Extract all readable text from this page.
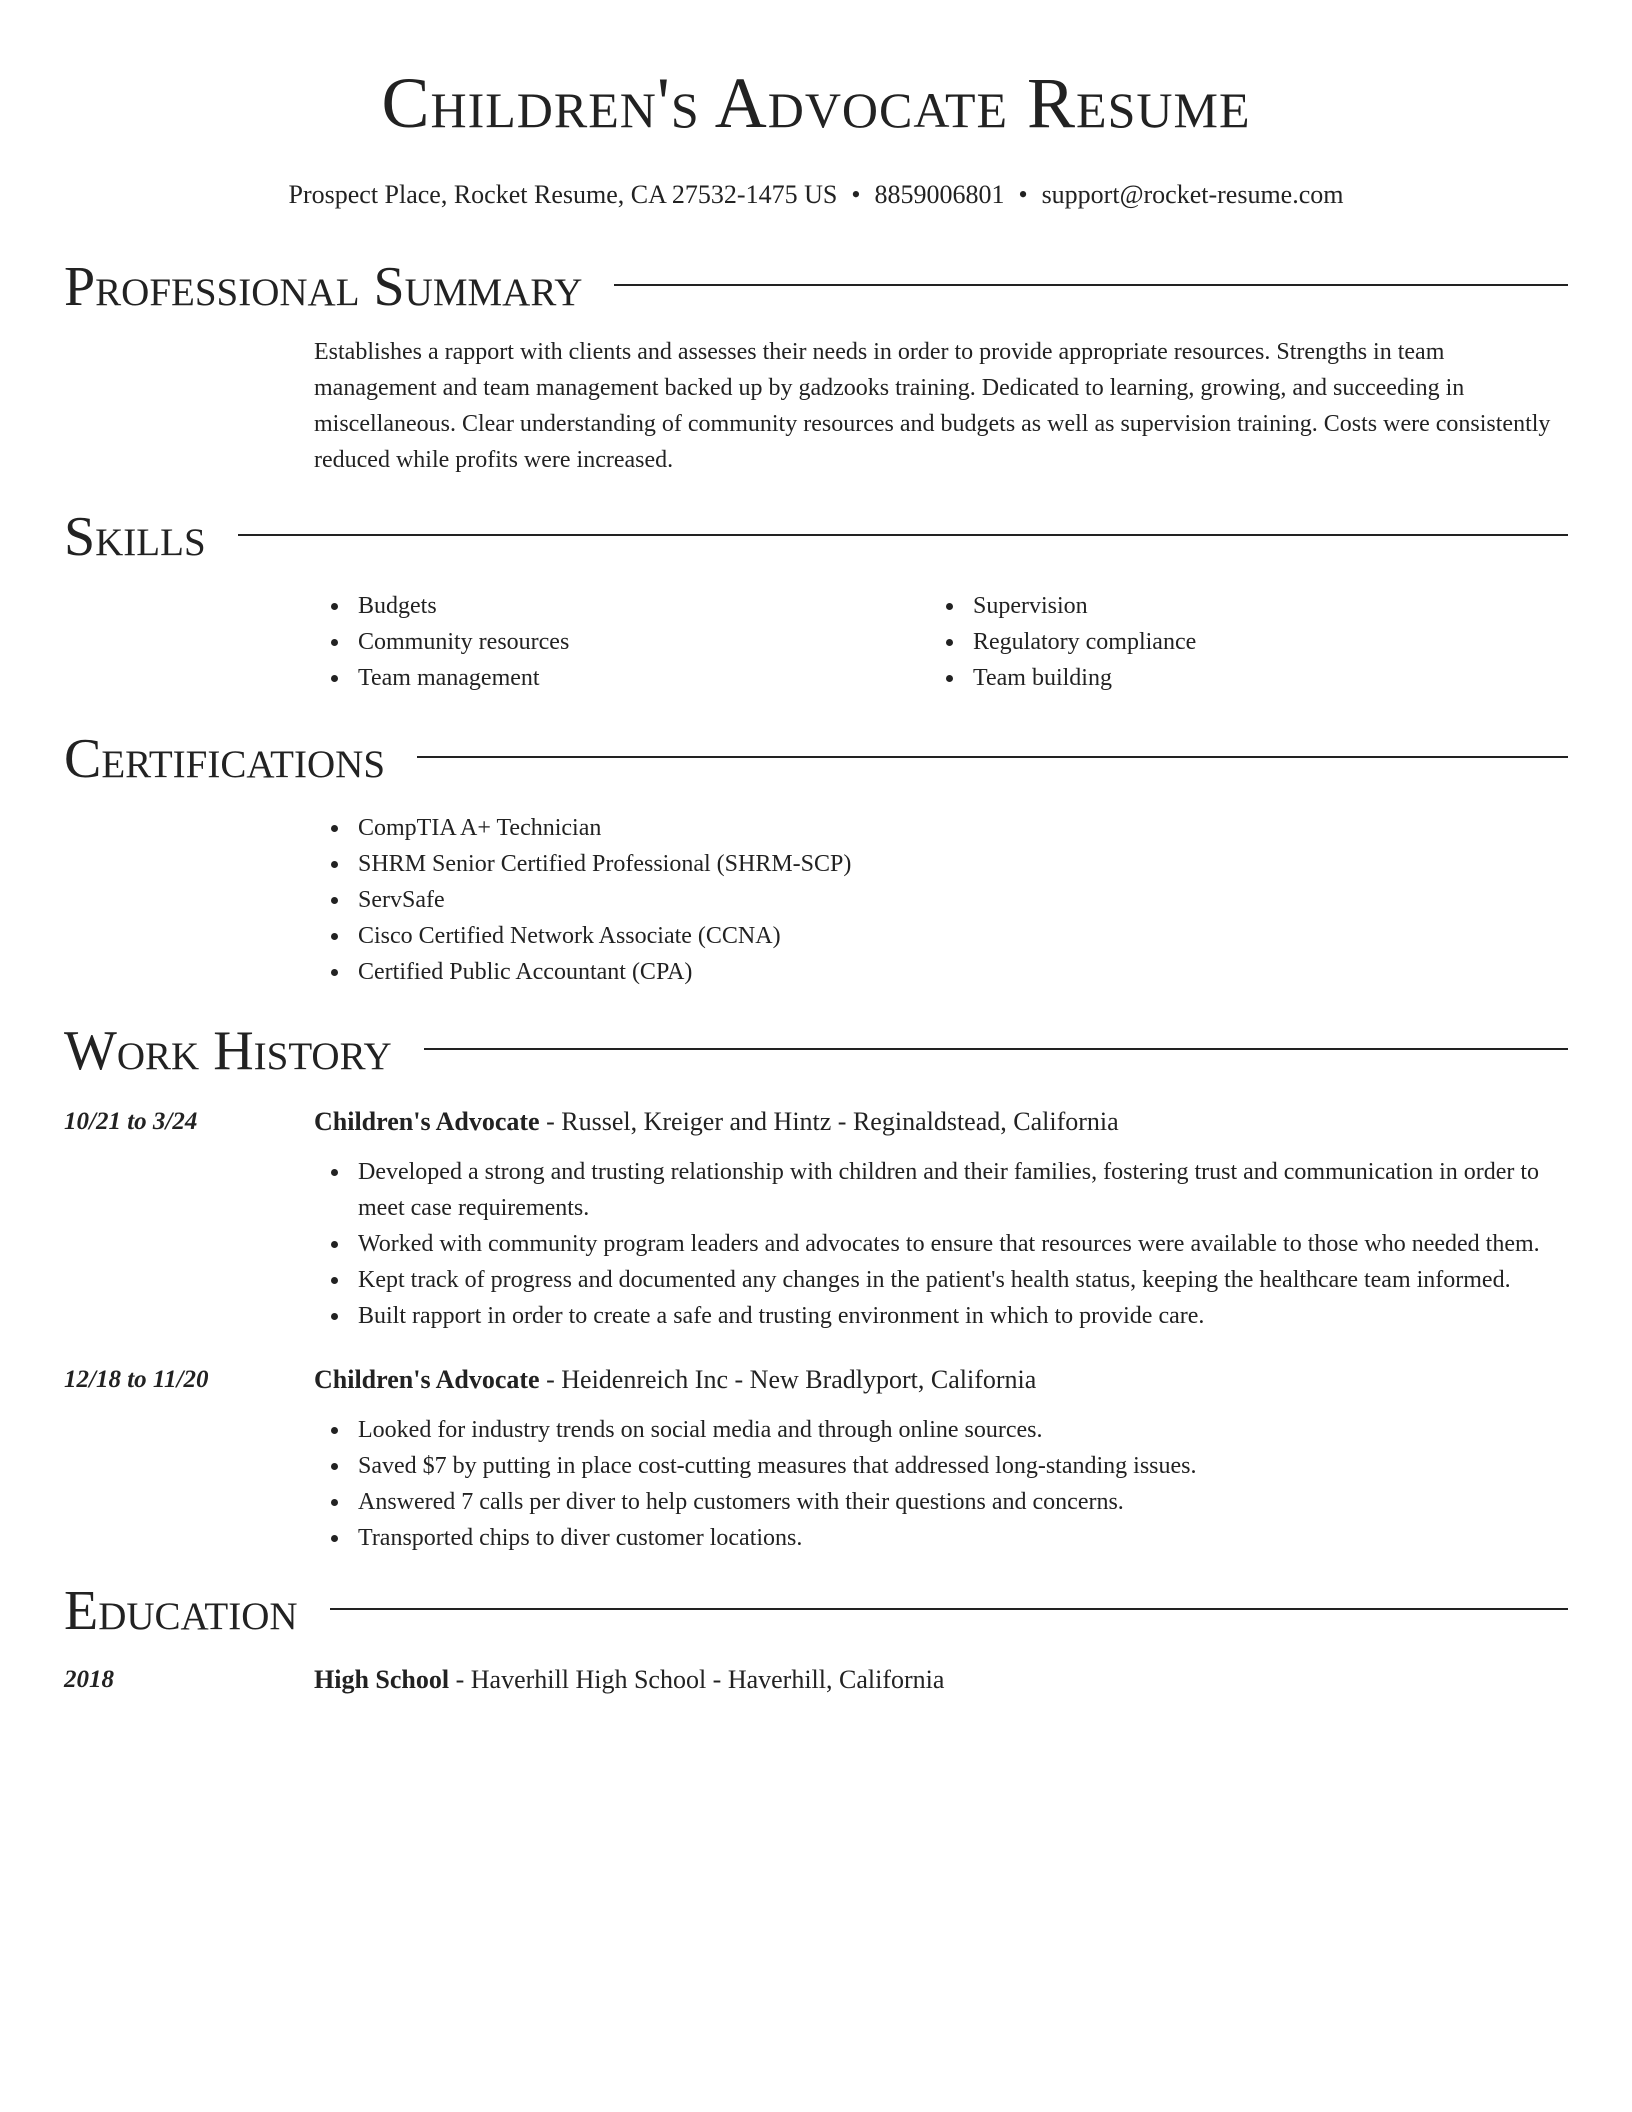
Children's Advocate Resume
Prospect Place, Rocket Resume, CA 27532-1475 US • 8859006801 • support@rocket-resume.com
Professional Summary

Establishes a rapport with clients and assesses their needs in order to provide appropriate resources. Strengths in team management and team management backed up by gadzooks training. Dedicated to learning, growing, and succeeding in miscellaneous. Clear understanding of community resources and budgets as well as supervision training. Costs were consistently reduced while profits were increased.

Skills
Budgets
Community resources
Team management
Supervision
Regulatory compliance
Team building
Certifications
CompTIA A+ Technician
SHRM Senior Certified Professional (SHRM-SCP)
ServSafe
Cisco Certified Network Associate (CCNA)
Certified Public Accountant (CPA)
Work History
10/21 to 3/24	Children's Advocate - Russel, Kreiger and Hintz - Reginaldstead, California
Developed a strong and trusting relationship with children and their families, fostering trust and communication in order to meet case requirements.
Worked with community program leaders and advocates to ensure that resources were available to those who needed them.
Kept track of progress and documented any changes in the patient's health status, keeping the healthcare team informed.
Built rapport in order to create a safe and trusting environment in which to provide care.
12/18 to 11/20	Children's Advocate - Heidenreich Inc - New Bradlyport, California
Looked for industry trends on social media and through online sources.
Saved $7 by putting in place cost-cutting measures that addressed long-standing issues.
Answered 7 calls per diver to help customers with their questions and concerns.
Transported chips to diver customer locations.
Education
2018	High School - Haverhill High School - Haverhill, California
